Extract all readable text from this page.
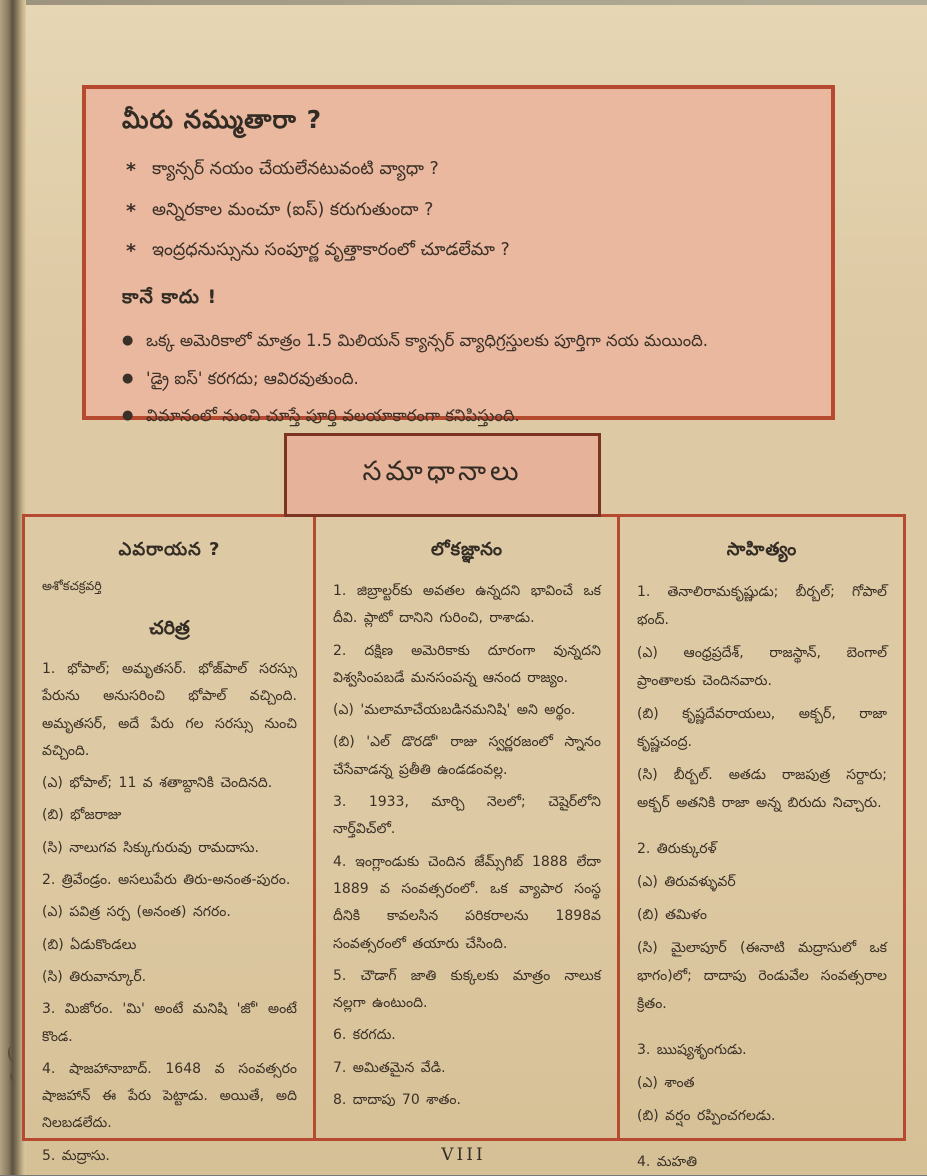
మీరు నమ్ముతారా ?
* క్యాన్సర్ నయం చేయలేనటువంటి వ్యాధా ?
* అన్నిరకాల మంచూ (ఐస్) కరుగుతుందా ?
* ఇంద్రధనుస్సును సంపూర్ణ వృత్తాకారంలో చూడలేమా ?
కానే కాదు !
● ఒక్క అమెరికాలో మాత్రం 1.5 మిలియన్ క్యాన్సర్ వ్యాధిగ్రస్తులకు పూర్తిగా నయ మయింది.
● 'డ్రై ఐస్' కరగదు; ఆవిరవుతుంది.
● విమానంలో నుంచి చూస్తే పూర్తి వలయాకారంగా కనిపిస్తుంది.
సమాధానాలు
ఎవరాయన ?
అశోకచక్రవర్తి
చరిత్ర

1. భోపాల్; అమృతసర్. భోజ్‌పాల్ సరస్సు పేరును అనుసరించి భోపాల్ వచ్చింది. అమృతసర్, అదే పేరు గల సరస్సు నుంచి వచ్చింది.

(ఎ) భోపాల్; 11 వ శతాబ్దానికి చెందినది.

(బి) భోజరాజు

(సి) నాలుగవ సిక్కుగురువు రామదాసు.

2. త్రివేండ్రం. అసలుపేరు తిరు-అనంత-పురం.

(ఎ) పవిత్ర సర్ప (అనంత) నగరం.

(బి) ఏడుకొండలు

(సి) తిరువాన్కూర్.

3. మిజోరం. 'మి' అంటే మనిషి 'జో' అంటే కొండ.

4. షాజహానాబాద్. 1648 వ సంవత్సరం షాజహాన్ ఈ పేరు పెట్టాడు. అయితే, అది నిలబడలేదు.

5. మద్రాసు.

లోకజ్ఞానం

1. జిబ్రాల్టర్‌కు అవతల ఉన్నదని భావించే ఒక దీవి. ప్లాటో దానిని గురించి, రాశాడు.

2. దక్షిణ అమెరికాకు దూరంగా వున్నదని విశ్వసింపబడే మనసంపన్న ఆనంద రాజ్యం.

(ఎ) 'మలామాచేయబడినమనిషి' అని అర్థం.

(బి) 'ఎల్ డొరడో' రాజు స్వర్ణరజంలో స్నానం చేసేవాడన్న ప్రతీతి ఉండడంవల్ల.

3. 1933, మార్చి నెలలో; చెషైర్‌లోని నార్త్‌విచ్‌లో.

4. ఇంగ్లాండుకు చెందిన జేమ్స్‌గిబ్ 1888 లేదా 1889 వ సంవత్సరంలో. ఒక వ్యాపార సంస్థ దీనికి కావలసిన పరికరాలను 1898వ సంవత్సరంలో తయారు చేసింది.

5. చౌడాగ్ జాతి కుక్కలకు మాత్రం నాలుక నల్లగా ఉంటుంది.

6. కరగదు.

7. అమితమైన వేడి.

8. దాదాపు 70 శాతం.

సాహిత్యం

1. తెనాలిరామకృష్ణుడు; బీర్బల్; గోపాల్ భంద్.

(ఎ) ఆంధ్రప్రదేశ్, రాజస్థాన్, బెంగాల్ ప్రాంతాలకు చెందినవారు.

(బి) కృష్ణదేవరాయలు, అక్బర్, రాజా కృష్ణచంద్ర.

(సి) బీర్బల్. అతడు రాజపుత్ర సర్దారు; అక్బర్ అతనికి రాజా అన్న బిరుదు నిచ్చారు.

2. తిరుక్కురళ్

(ఎ) తిరువళ్ళువర్

(బి) తమిళం

(సి) మైలాపూర్ (ఈనాటి మద్రాసులో ఒక భాగం)లో; దాదాపు రెండువేల సంవత్సరాల క్రితం.

3. ఋష్యశృంగుడు.

(ఎ) శాంత

(బి) వర్షం రప్పించగలడు.

4. మహతి

VIII
